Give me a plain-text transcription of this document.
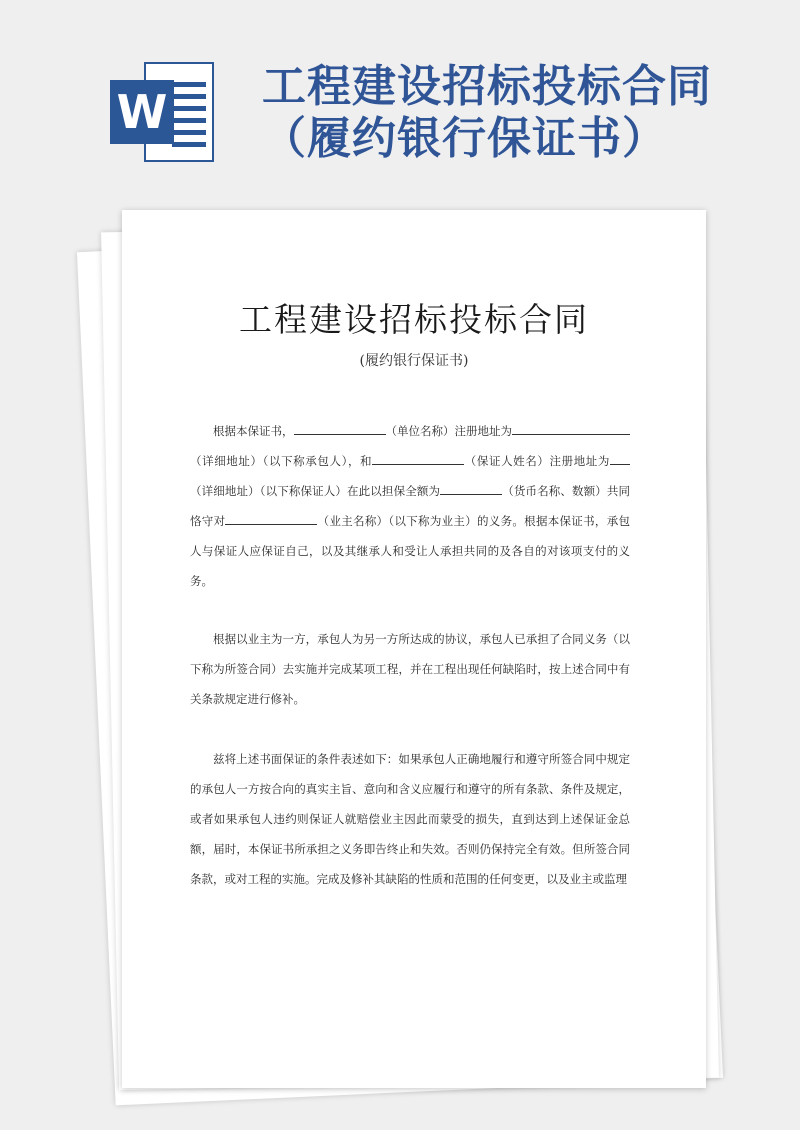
W 工程建设招标投标合同
（履约银行保证书）
工程建设招标投标合同
(履约银行保证书)

根据本保证书，	（单位名称）注册地址为（详细地址）（以下称承包人），和	（保证人姓名）注册地址为（详细地址）（以下称保证人）在此以担保全额为	（货币名称、数额）共同恪守对	（业主名称）（以下称为业主）的义务。根据本保证书，承包人与保证人应保证自己，以及其继承人和受让人承担共同的及各自的对该项支付的义务。

根据以业主为一方，承包人为另一方所达成的协议，承包人已承担了合同义务（以下称为所签合同）去实施并完成某项工程，并在工程出现任何缺陷时，按上述合同中有关条款规定进行修补。

兹将上述书面保证的条件表述如下：如果承包人正确地履行和遵守所签合同中规定的承包人一方按合向的真实主旨、意向和含义应履行和遵守的所有条款、条件及规定，或者如果承包人违约则保证人就赔偿业主因此而蒙受的损失，直到达到上述保证金总额，届时，本保证书所承担之义务即告终止和失效。否则仍保持完全有效。但所签合同条款，或对工程的实施。完成及修补其缺陷的性质和范围的任何变更，以及业主或监理
